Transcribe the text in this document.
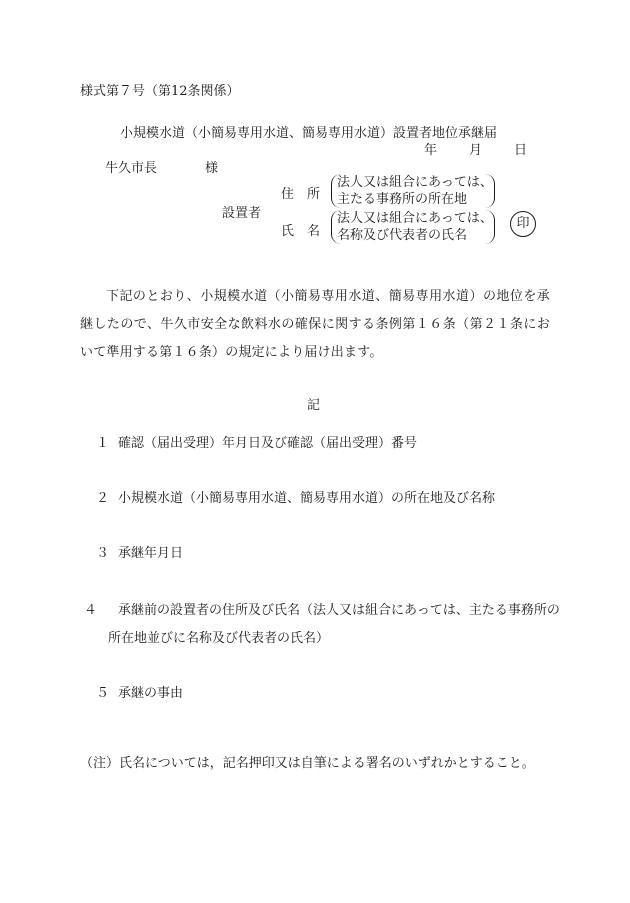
様式第７号（第12条関係）
小規模水道（小簡易専用水道、簡易専用水道）設置者地位承継届
年 月 日
牛久市長	様
設置者
住　所
法人又は組合にあっては、
主たる事務所の所在地
氏　名
法人又は組合にあっては、
名称及び代表者の氏名
印

下記のとおり、小規模水道（小簡易専用水道、簡易専用水道）の地位を承継したので、牛久市安全な飲料水の確保に関する条例第１６条（第２１条において準用する第１６条）の規定により届け出ます。

記
１ 確認（届出受理）年月日及び確認（届出受理）番号
２ 小規模水道（小簡易専用水道、簡易専用水道）の所在地及び名称
３ 承継年月日
４ 承継前の設置者の住所及び氏名（法人又は組合にあっては、主たる事務所の所在地並びに名称及び代表者の氏名）
５ 承継の事由
（注）氏名については，記名押印又は自筆による署名のいずれかとすること。
